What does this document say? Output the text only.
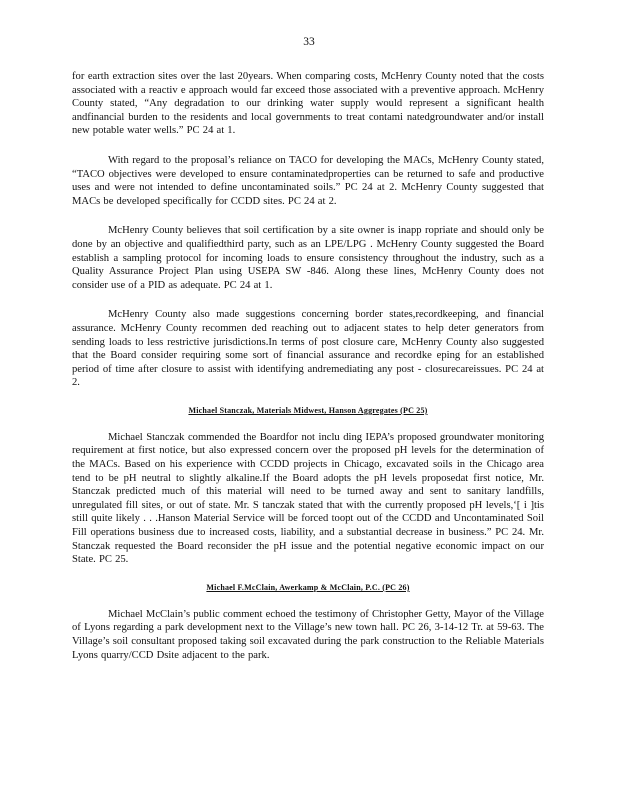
33

for earth extraction sites over the last 20years. When comparing costs, McHenry County noted that the costs associated with a reactiv e approach would far exceed those associated with a preventive approach. McHenry County stated, “Any degradation to our drinking water supply would represent a significant health andfinancial burden to the residents and local governments to treat contami natedgroundwater and/or install new potable water wells.” PC 24 at 1.

With regard to the proposal’s reliance on TACO for developing the MACs, McHenry County stated, “TACO objectives were developed to ensure contaminatedproperties can be returned to safe and productive uses and were not intended to define uncontaminated soils.” PC 24 at 2. McHenry County suggested that MACs be developed specifically for CCDD sites. PC 24 at 2.

McHenry County believes that soil certification by a site owner is inapp ropriate and should only be done by an objective and qualifiedthird party, such as an LPE/LPG . McHenry County suggested the Board establish a sampling protocol for incoming loads to ensure consistency throughout the industry, such as a Quality Assurance Project Plan using USEPA SW -846. Along these lines, McHenry County does not consider use of a PID as adequate. PC 24 at 1.

McHenry County also made suggestions concerning border states,recordkeeping, and financial assurance. McHenry County recommen ded reaching out to adjacent states to help deter generators from sending loads to less restrictive jurisdictions.In terms of post closure care, McHenry County also suggested that the Board consider requiring some sort of financial assurance and recordke eping for an established period of time after closure to assist with identifying andremediating any post - closurecareissues. PC 24 at 2.

Michael Stanczak, Materials Midwest, Hanson Aggregates (PC 25)

Michael Stanczak commended the Boardfor not inclu ding IEPA’s proposed groundwater monitoring requirement at first notice, but also expressed concern over the proposed pH levels for the determination of the MACs. Based on his experience with CCDD projects in Chicago, excavated soils in the Chicago area tend to be pH neutral to slightly alkaline.If the Board adopts the pH levels proposedat first notice, Mr. Stanczak predicted much of this material will need to be turned away and sent to sanitary landfills, unregulated fill sites, or out of state. Mr. S tanczak stated that with the currently proposed pH levels,‘[ i ]tis still quite likely . . .Hanson Material Service will be forced toopt out of the CCDD and Uncontaminated Soil Fill operations business due to increased costs, liability, and a substantial decrease in business.” PC 24. Mr. Stanczak requested the Board reconsider the pH issue and the potential negative economic impact on our State. PC 25.

Michael F.McClain, Awerkamp & McClain, P.C. (PC 26)

Michael McClain’s public comment echoed the testimony of Christopher Getty, Mayor of the Village of Lyons regarding a park development next to the Village’s new town hall. PC 26, 3-14-12 Tr. at 59-63. The Village’s soil consultant proposed taking soil excavated during the park construction to the Reliable Materials Lyons quarry/CCD Dsite adjacent to the park.
